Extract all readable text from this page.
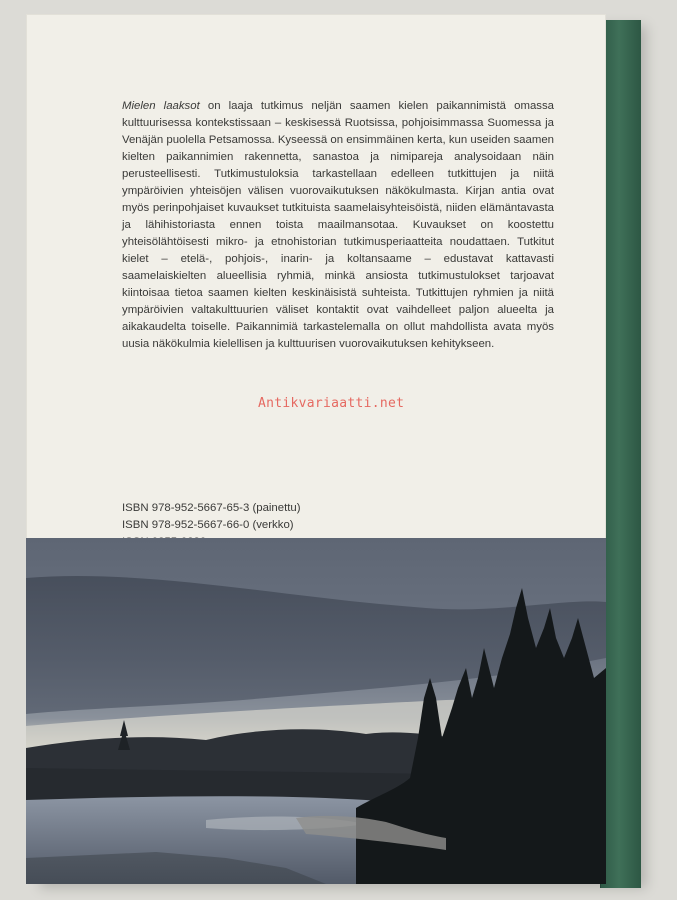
Mielen laaksot on laaja tutkimus neljän saamen kielen paikannimistä omassa kulttuurisessa kontekstissaan – keskisessä Ruotsissa, pohjoisimmassa Suomessa ja Venäjän puolella Petsamossa. Kyseessä on ensimmäinen kerta, kun useiden saamen kielten paikannimien rakennetta, sanastoa ja nimipareja analysoidaan näin perusteellisesti. Tutkimustuloksia tarkastellaan edelleen tutkittujen ja niitä ympäröivien yhteisöjen välisen vuorovaikutuksen näkökulmasta. Kirjan antia ovat myös perinpohjaiset kuvaukset tutkituista saamelaisyhteisöistä, niiden elämäntavasta ja lähihistoriasta ennen toista maailmansotaa. Kuvaukset on koostettu yhteisölähtöisesti mikro- ja etnohistorian tutkimusperiaatteita noudattaen. Tutkitut kielet – etelä-, pohjois-, inarin- ja koltansaame – edustavat kattavasti saamelaiskielten alueellisia ryhmiä, minkä ansiosta tutkimustulokset tarjoavat kiintoisaa tietoa saamen kielten keskinäisistä suhteista. Tutkittujen ryhmien ja niitä ympäröivien valtakulttuurien väliset kontaktit ovat vaihdelleet paljon alueelta ja aikakaudelta toiselle. Paikannimiä tarkastelemalla on ollut mahdollista avata myös uusia näkökulmia kielellisen ja kulttuurisen vuorovaikutuksen kehitykseen.

ISBN 978-952-5667-65-3 (painettu)
ISBN 978-952-5667-66-0 (verkko)
Antikvariaatti.net
